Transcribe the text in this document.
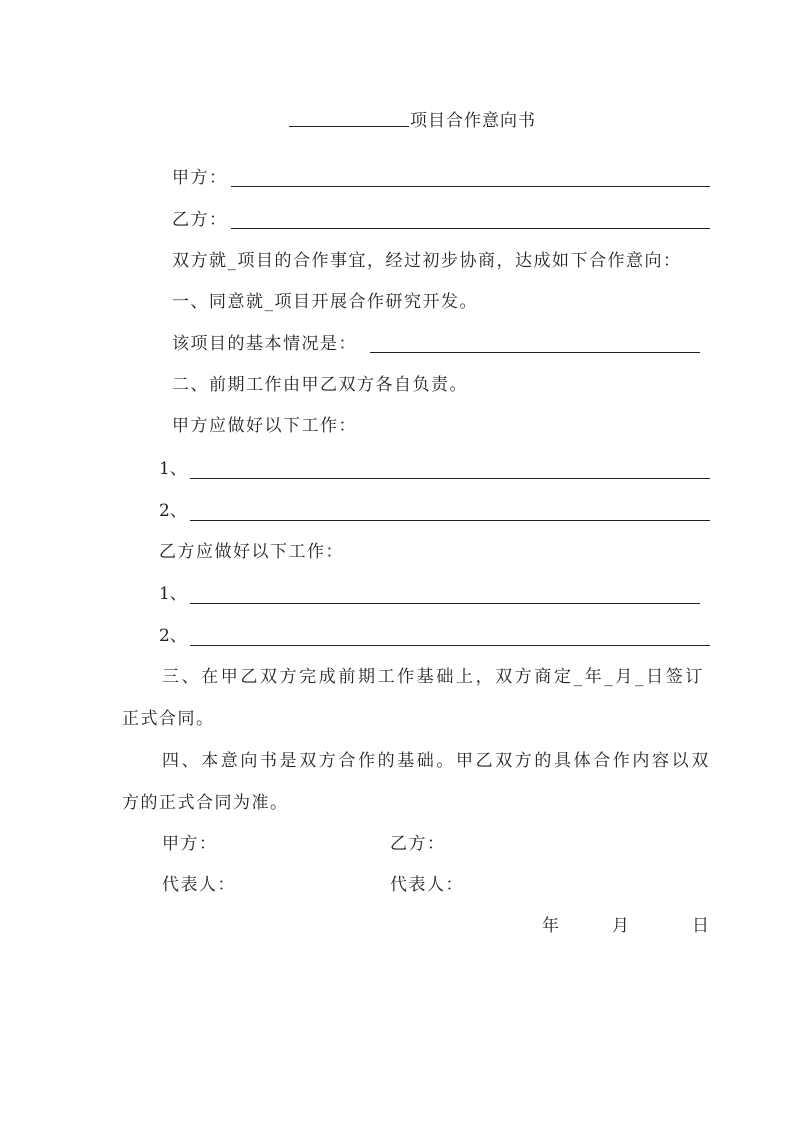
项目合作意向书
甲方：
乙方：
双方就_项目的合作事宜，经过初步协商，达成如下合作意向：
一、同意就_项目开展合作研究开发。
该项目的基本情况是：
二、前期工作由甲乙双方各自负责。
甲方应做好以下工作：
1、
2、
乙方应做好以下工作：
1、
2、
三、在甲乙双方完成前期工作基础上，双方商定_年_月_日签订
正式合同。
四、本意向书是双方合作的基础。甲乙双方的具体合作内容以双
方的正式合同为准。
甲方：	乙方：
代表人：	代表人：
年	月	日
